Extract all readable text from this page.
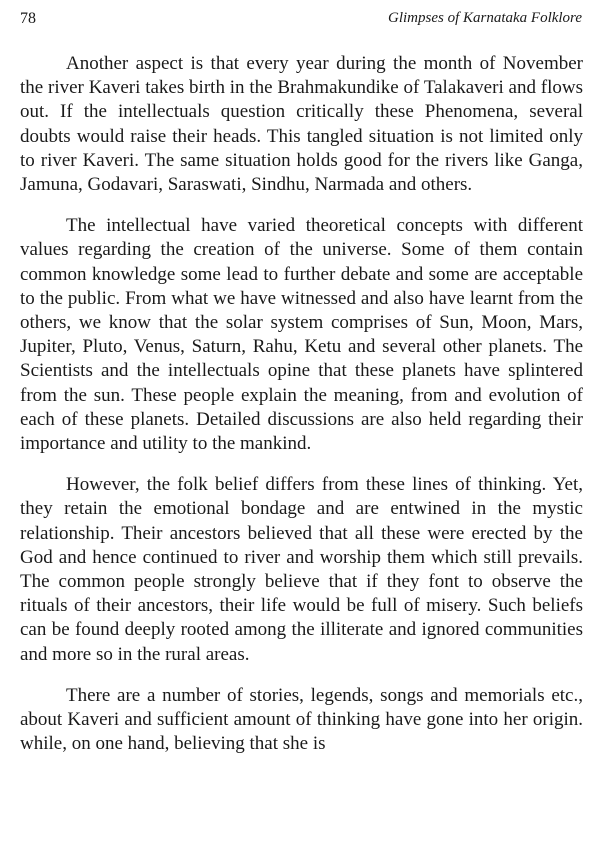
78	Glimpses of Karnataka Folklore

Another aspect is that every year during the month of November the river Kaveri takes birth in the Brahmakundike of Talakaveri and flows out. If the intellectuals question critically these Phenomena, several doubts would raise their heads. This tangled situation is not limited only to river Kaveri. The same situation holds good for the rivers like Ganga, Jamuna, Godavari, Saraswati, Sindhu, Narmada and others.

The intellectual have varied theoretical concepts with different values regarding the creation of the universe. Some of them contain common knowledge some lead to further debate and some are acceptable to the public. From what we have witnessed and also have learnt from the others, we know that the solar system comprises of Sun, Moon, Mars, Jupiter, Pluto, Venus, Saturn, Rahu, Ketu and several other planets. The Scientists and the intellectuals opine that these planets have splintered from the sun. These people explain the meaning, from and evolution of each of these planets. Detailed discussions are also held regarding their importance and utility to the mankind.

However, the folk belief differs from these lines of thinking. Yet, they retain the emotional bondage and are entwined in the mystic relationship. Their ancestors believed that all these were erected by the God and hence continued to river and worship them which still prevails. The common people strongly believe that if they font to observe the rituals of their ancestors, their life would be full of misery. Such beliefs can be found deeply rooted among the illiterate and ignored communities and more so in the rural areas.

There are a number of stories, legends, songs and memorials etc., about Kaveri and sufficient amount of thinking have gone into her origin. while, on one hand, believing that she is
